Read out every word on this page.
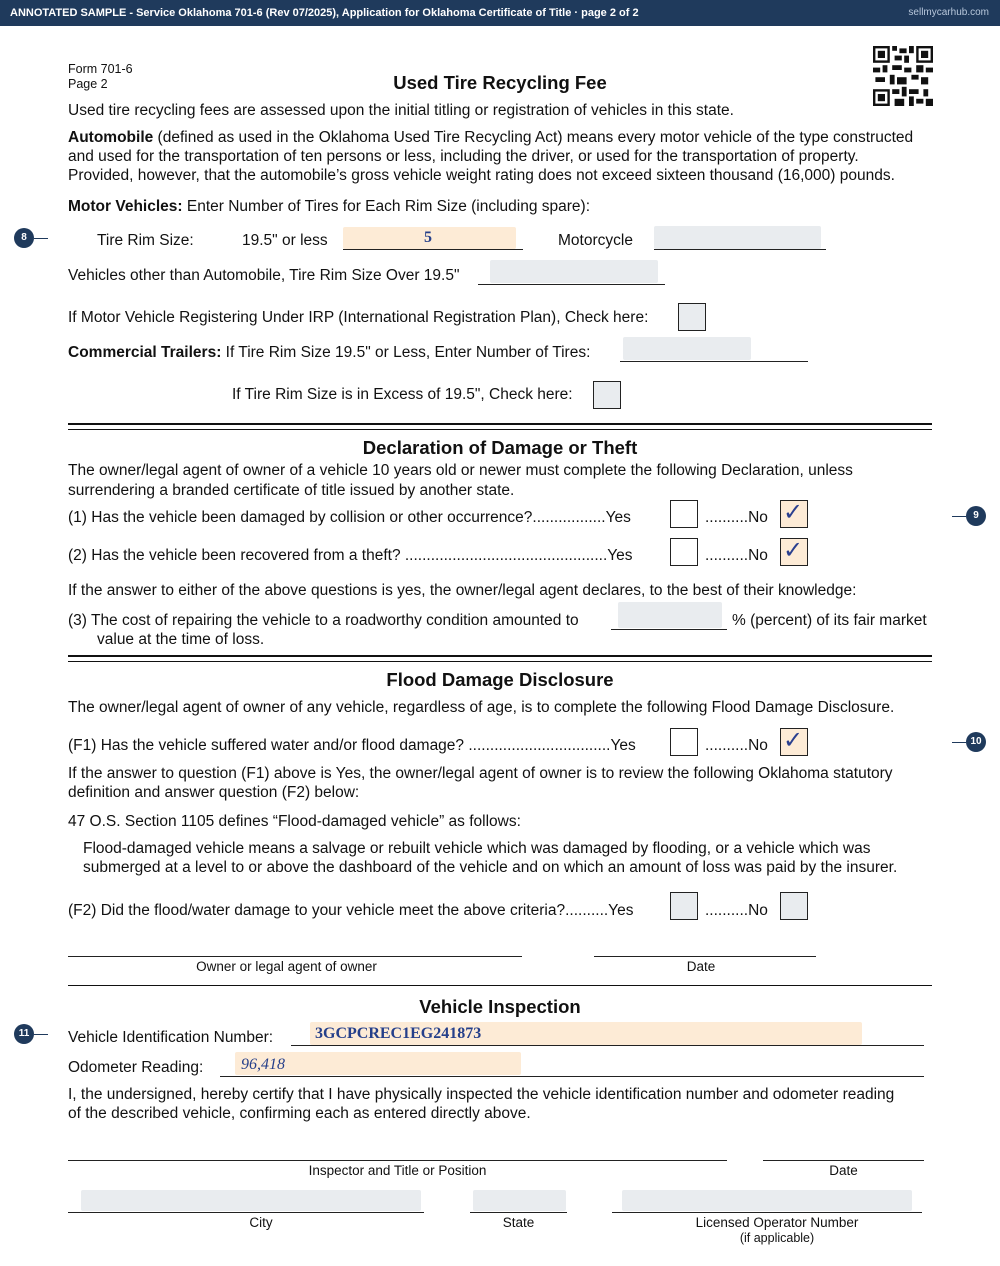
ANNOTATED SAMPLE - Service Oklahoma 701-6 (Rev 07/2025), Application for Oklahoma Certificate of Title · page 2 of 2	sellmycarhub.com
Form 701-6
Page 2	Used Tire Recycling Fee
Used tire recycling fees are assessed upon the initial titling or registration of vehicles in this state.
Automobile (defined as used in the Oklahoma Used Tire Recycling Act) means every motor vehicle of the type constructed
and used for the transportation of ten persons or less, including the driver, or used for the transportation of property.
Provided, however, that the automobile’s gross vehicle weight rating does not exceed sixteen thousand (16,000) pounds.
Motor Vehicles: Enter Number of Tires for Each Rim Size (including spare):
8	Tire Rim Size:	19.5" or less	5	Motorcycle
Vehicles other than Automobile, Tire Rim Size Over 19.5"
If Motor Vehicle Registering Under IRP (International Registration Plan), Check here:
Commercial Trailers: If Tire Rim Size 19.5" or Less, Enter Number of Tires:
If Tire Rim Size is in Excess of 19.5", Check here:
Declaration of Damage or Theft
The owner/legal agent of owner of a vehicle 10 years old or newer must complete the following Declaration, unless
surrendering a branded certificate of title issued by another state.
9
(1) Has the vehicle been damaged by collision or other occurrence?.................Yes	..........No ✓
(2) Has the vehicle been recovered from a theft? ...............................................Yes	..........No ✓
If the answer to either of the above questions is yes, the owner/legal agent declares, to the best of their knowledge:
(3) The cost of repairing the vehicle to a roadworthy condition amounted to
value at the time of loss.
% (percent) of its fair market
Flood Damage Disclosure
The owner/legal agent of owner of any vehicle, regardless of age, is to complete the following Flood Damage Disclosure.
10
(F1) Has the vehicle suffered water and/or flood damage? .................................Yes	..........No ✓
If the answer to question (F1) above is Yes, the owner/legal agent of owner is to review the following Oklahoma statutory
definition and answer question (F2) below:
47 O.S. Section 1105 defines “Flood-damaged vehicle” as follows:
Flood-damaged vehicle means a salvage or rebuilt vehicle which was damaged by flooding, or a vehicle which was
submerged at a level to or above the dashboard of the vehicle and on which an amount of loss was paid by the insurer.
(F2) Did the flood/water damage to your vehicle meet the above criteria?..........Yes	..........No
Owner or legal agent of owner	Date
Vehicle Inspection
11	Vehicle Identification Number:	3GCPCREC1EG241873
Odometer Reading: 96,418
I, the undersigned, hereby certify that I have physically inspected the vehicle identification number and odometer reading
of the described vehicle, confirming each as entered directly above.
Inspector and Title or Position	Date
City	State	Licensed Operator Number
(if applicable)
